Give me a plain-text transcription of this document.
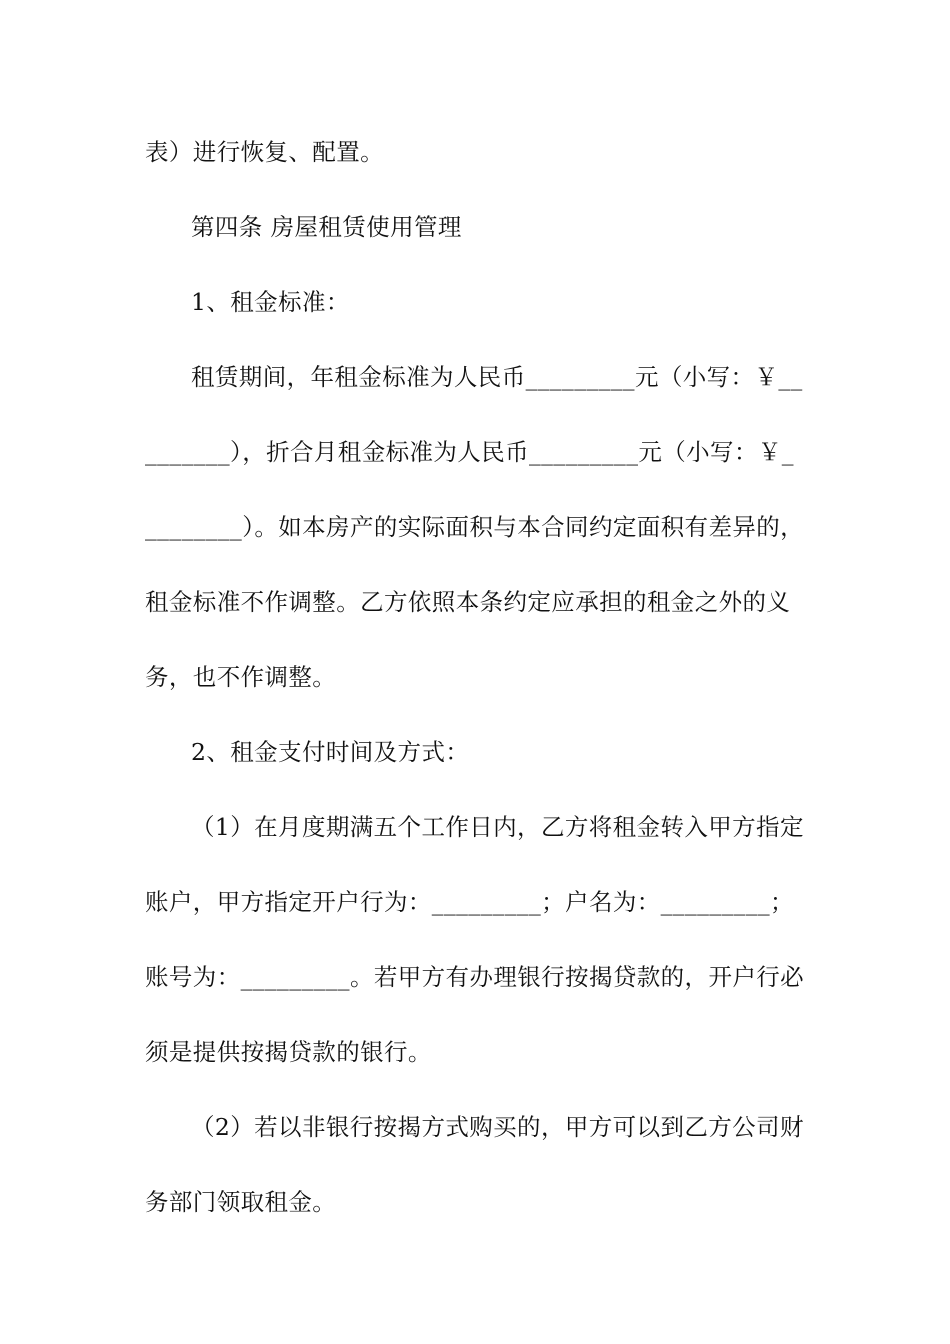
表）进行恢复、配置。
第四条 房屋租赁使用管理
1、租金标准：
租赁期间，年租金标准为人民币_________元（小写：￥__
_______），折合月租金标准为人民币_________元（小写：￥_
________）。如本房产的实际面积与本合同约定面积有差异的，
租金标准不作调整。乙方依照本条约定应承担的租金之外的义
务，也不作调整。
2、租金支付时间及方式：
（1）在月度期满五个工作日内，乙方将租金转入甲方指定
账户，甲方指定开户行为：_________；户名为：_________；
账号为：_________。若甲方有办理银行按揭贷款的，开户行必
须是提供按揭贷款的银行。
（2）若以非银行按揭方式购买的，甲方可以到乙方公司财
务部门领取租金。
